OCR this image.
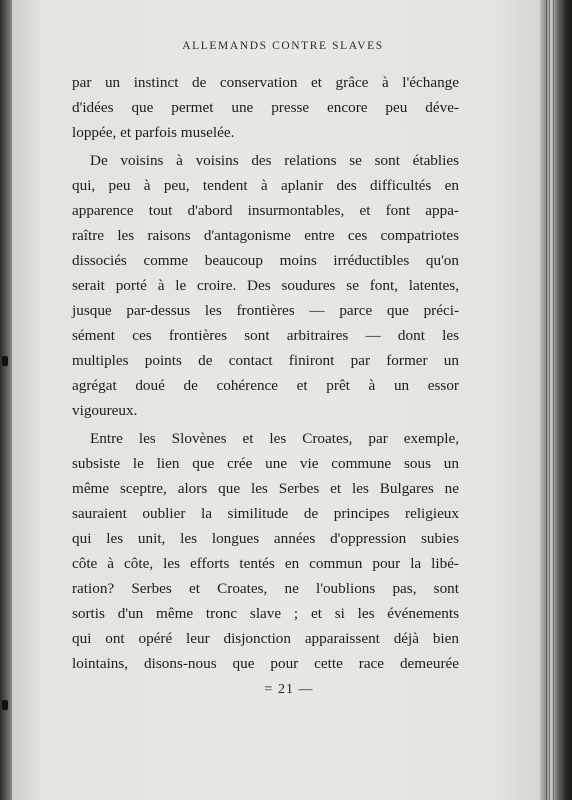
ALLEMANDS CONTRE SLAVES
par un instinct de conservation et grâce à l'échange
d'idées que permet une presse encore peu déve-
loppée, et parfois muselée.
De voisins à voisins des relations se sont établies
qui, peu à peu, tendent à aplanir des difficultés en
apparence tout d'abord insurmontables, et font appa-
raître les raisons d'antagonisme entre ces compatriotes
dissociés comme beaucoup moins irréductibles qu'on
serait porté à le croire. Des soudures se font, latentes,
jusque par-dessus les frontières — parce que préci-
sément ces frontières sont arbitraires — dont les
multiples points de contact finiront par former un
agrégat doué de cohérence et prêt à un essor
vigoureux.
Entre les Slovènes et les Croates, par exemple,
subsiste le lien que crée une vie commune sous un
même sceptre, alors que les Serbes et les Bulgares ne
sauraient oublier la similitude de principes religieux
qui les unit, les longues années d'oppression subies
côte à côte, les efforts tentés en commun pour la libé-
ration? Serbes et Croates, ne l'oublions pas, sont
sortis d'un même tronc slave ; et si les événements
qui ont opéré leur disjonction apparaissent déjà bien
lointains, disons-nous que pour cette race demeurée
= 21 —
